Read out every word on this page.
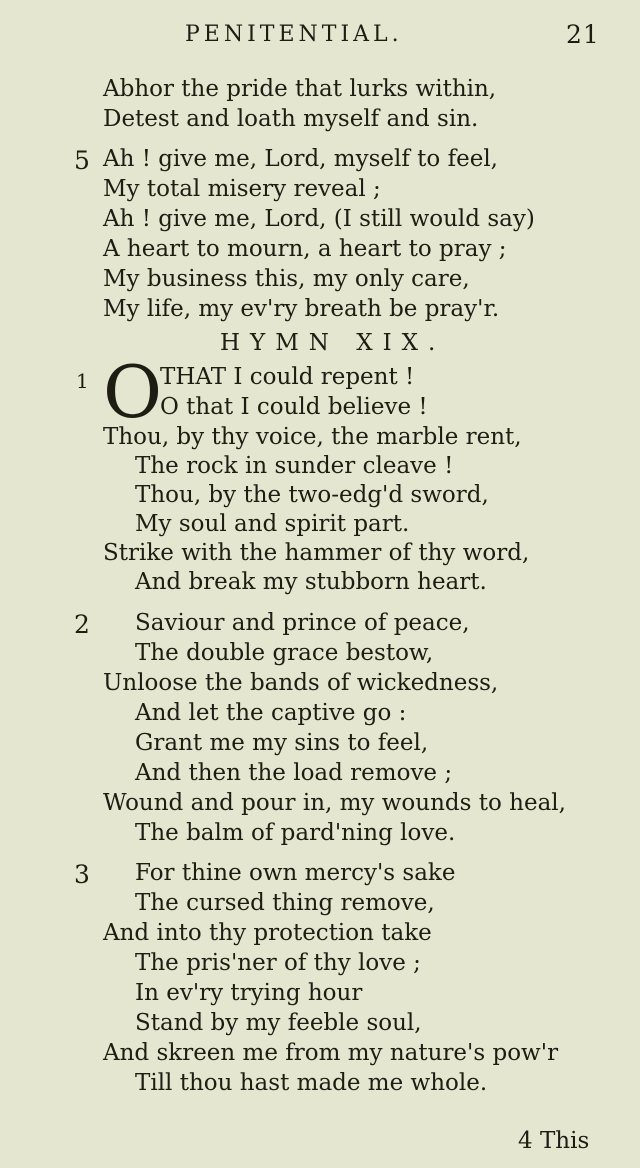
PENITENTIAL.	21
Abhor the pride that lurks within,
Detest and loath myself and sin.
5 Ah ! give me, Lord, myself to feel,
My total misery reveal ;
Ah ! give me, Lord, (I still would say)
A heart to mourn, a heart to pray ;
My business this, my only care,
My life, my ev'ry breath be pray'r.
HYMN XIX.
1 O
THAT I could repent !
O that I could believe !
Thou, by thy voice, the marble rent,
The rock in sunder cleave !
Thou, by the two-edg'd sword,
My soul and spirit part.
Strike with the hammer of thy word,
And break my stubborn heart.
2 Saviour and prince of peace,
The double grace bestow,
Unloose the bands of wickedness,
And let the captive go :
Grant me my sins to feel,
And then the load remove ;
Wound and pour in, my wounds to heal,
The balm of pard'ning love.
3 For thine own mercy's sake
The cursed thing remove,
And into thy protection take
The pris'ner of thy love ;
In ev'ry trying hour
Stand by my feeble soul,
And skreen me from my nature's pow'r
Till thou hast made me whole.
4 This
